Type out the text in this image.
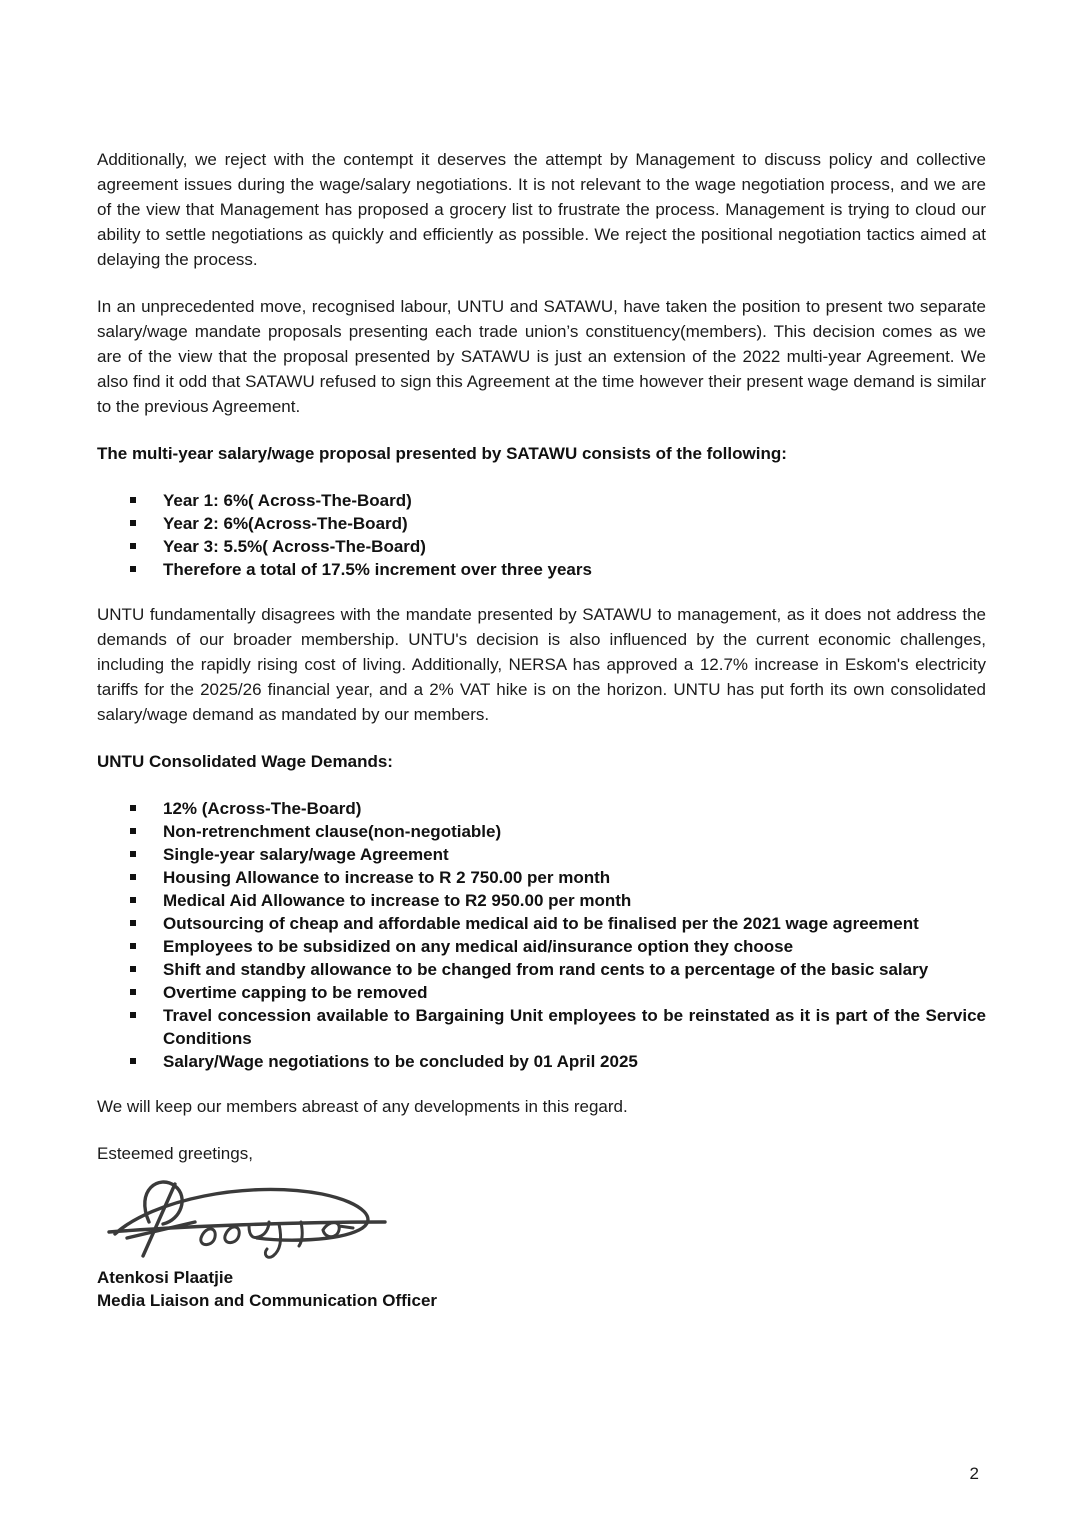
Additionally, we reject with the contempt it deserves the attempt by Management to discuss policy and collective agreement issues during the wage/salary negotiations. It is not relevant to the wage negotiation process, and we are of the view that Management has proposed a grocery list to frustrate the process. Management is trying to cloud our ability to settle negotiations as quickly and efficiently as possible. We reject the positional negotiation tactics aimed at delaying the process.

In an unprecedented move, recognised labour, UNTU and SATAWU, have taken the position to present two separate salary/wage mandate proposals presenting each trade union’s constituency(members). This decision comes as we are of the view that the proposal presented by SATAWU is just an extension of the 2022 multi-year Agreement. We also find it odd that SATAWU refused to sign this Agreement at the time however their present wage demand is similar to the previous Agreement.

The multi-year salary/wage proposal presented by SATAWU consists of the following:
Year 1: 6%( Across-The-Board)
Year 2: 6%(Across-The-Board)
Year 3: 5.5%( Across-The-Board)
Therefore a total of 17.5% increment over three years

UNTU fundamentally disagrees with the mandate presented by SATAWU to management, as it does not address the demands of our broader membership. UNTU's decision is also influenced by the current economic challenges, including the rapidly rising cost of living. Additionally, NERSA has approved a 12.7% increase in Eskom's electricity tariffs for the 2025/26 financial year, and a 2% VAT hike is on the horizon. UNTU has put forth its own consolidated salary/wage demand as mandated by our members.

UNTU Consolidated Wage Demands:
12% (Across-The-Board)
Non-retrenchment clause(non-negotiable)
Single-year salary/wage Agreement
Housing Allowance to increase to R 2 750.00 per month
Medical Aid Allowance to increase to R2 950.00 per month
Outsourcing of cheap and affordable medical aid to be finalised per the 2021 wage agreement
Employees to be subsidized on any medical aid/insurance option they choose
Shift and standby allowance to be changed from rand cents to a percentage of the basic salary
Overtime capping to be removed
Travel concession available to Bargaining Unit employees to be reinstated as it is part of the Service Conditions
Salary/Wage negotiations to be concluded by 01 April 2025

We will keep our members abreast of any developments in this regard.

Esteemed greetings,

Atenkosi Plaatjie
Media Liaison and Communication Officer
2
